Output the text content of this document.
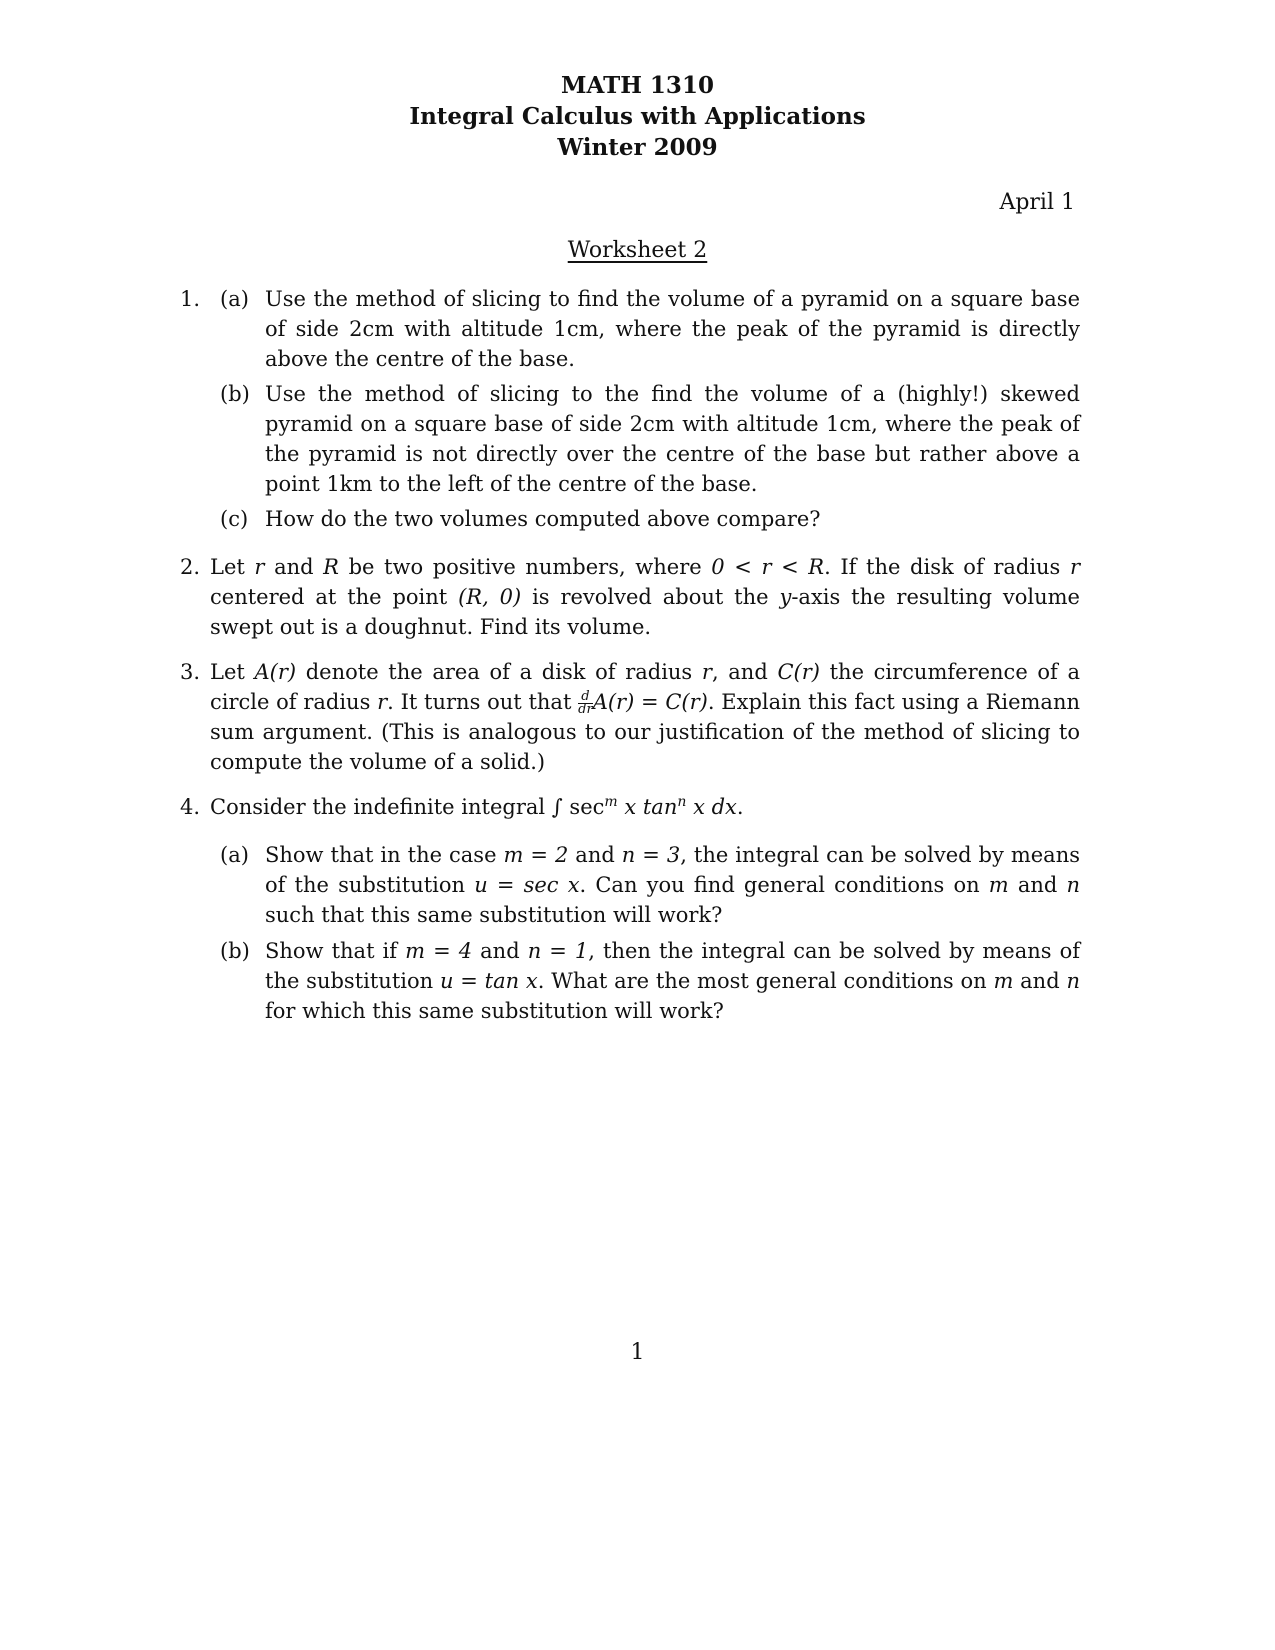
MATH 1310
Integral Calculus with Applications
Winter 2009
April 1
Worksheet 2
1. (a) Use the method of slicing to find the volume of a pyramid on a square base of side 2cm with altitude 1cm, where the peak of the pyramid is directly above the centre of the base.
(b) Use the method of slicing to the find the volume of a (highly!) skewed pyramid on a square base of side 2cm with altitude 1cm, where the peak of the pyramid is not directly over the centre of the base but rather above a point 1km to the left of the centre of the base.
(c) How do the two volumes computed above compare?
2. Let r and R be two positive numbers, where 0 < r < R. If the disk of radius r centered at the point (R, 0) is revolved about the y-axis the resulting volume swept out is a doughnut. Find its volume.
3. Let A(r) denote the area of a disk of radius r, and C(r) the circumference of a circle of radius r. It turns out that $\frac{d}{dr} A(r) = C(r)$. Explain this fact using a Riemann sum argument. (This is analogous to our justification of the method of slicing to compute the volume of a solid.)
4. Consider the indefinite integral ∫ $\sec^m x$ $\tan^n x$ dx.
(a) Show that in the case m = 2 and n = 3, the integral can be solved by means of the substitution u = sec x. Can you find general conditions on m and n such that this same substitution will work?
(b) Show that if m = 4 and n = 1, then the integral can be solved by means of the substitution u = tan x. What are the most general conditions on m and n for which this same substitution will work?
1
